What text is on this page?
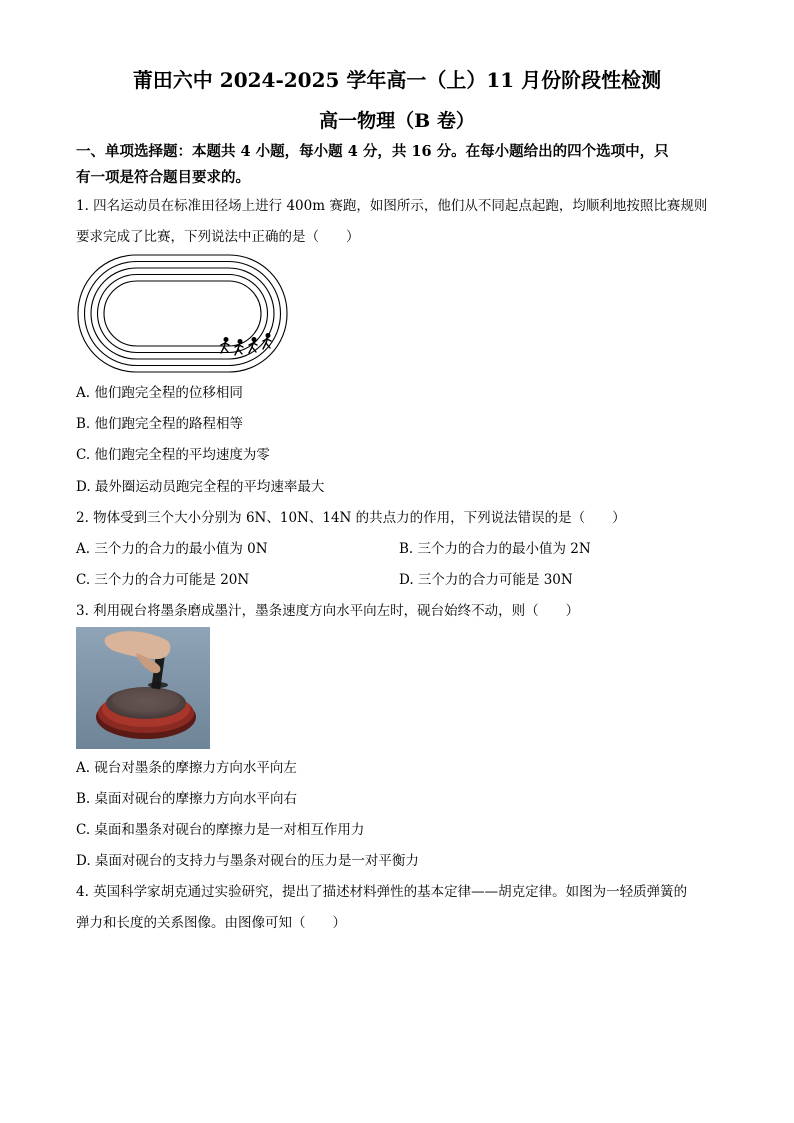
莆田六中 2024-2025 学年高一（上）11 月份阶段性检测
高一物理（B 卷）
一、单项选择题：本题共 4 小题，每小题 4 分，共 16 分。在每小题给出的四个选项中，只
有一项是符合题目要求的。
1. 四名运动员在标准田径场上进行 400m 赛跑，如图所示，他们从不同起点起跑，均顺利地按照比赛规则
要求完成了比赛，下列说法中正确的是（　　）
A. 他们跑完全程的位移相同
B. 他们跑完全程的路程相等
C. 他们跑完全程的平均速度为零
D. 最外圈运动员跑完全程的平均速率最大
2. 物体受到三个大小分别为 6N、10N、14N 的共点力的作用，下列说法错误的是（　　）
A. 三个力的合力的最小值为 0N	B. 三个力的合力的最小值为 2N
C. 三个力的合力可能是 20N	D. 三个力的合力可能是 30N
3. 利用砚台将墨条磨成墨汁，墨条速度方向水平向左时，砚台始终不动，则（　　）
A. 砚台对墨条的摩擦力方向水平向左
B. 桌面对砚台的摩擦力方向水平向右
C. 桌面和墨条对砚台的摩擦力是一对相互作用力
D. 桌面对砚台的支持力与墨条对砚台的压力是一对平衡力
4. 英国科学家胡克通过实验研究，提出了描述材料弹性的基本定律——胡克定律。如图为一轻质弹簧的
弹力和长度的关系图像。由图像可知（　　）
